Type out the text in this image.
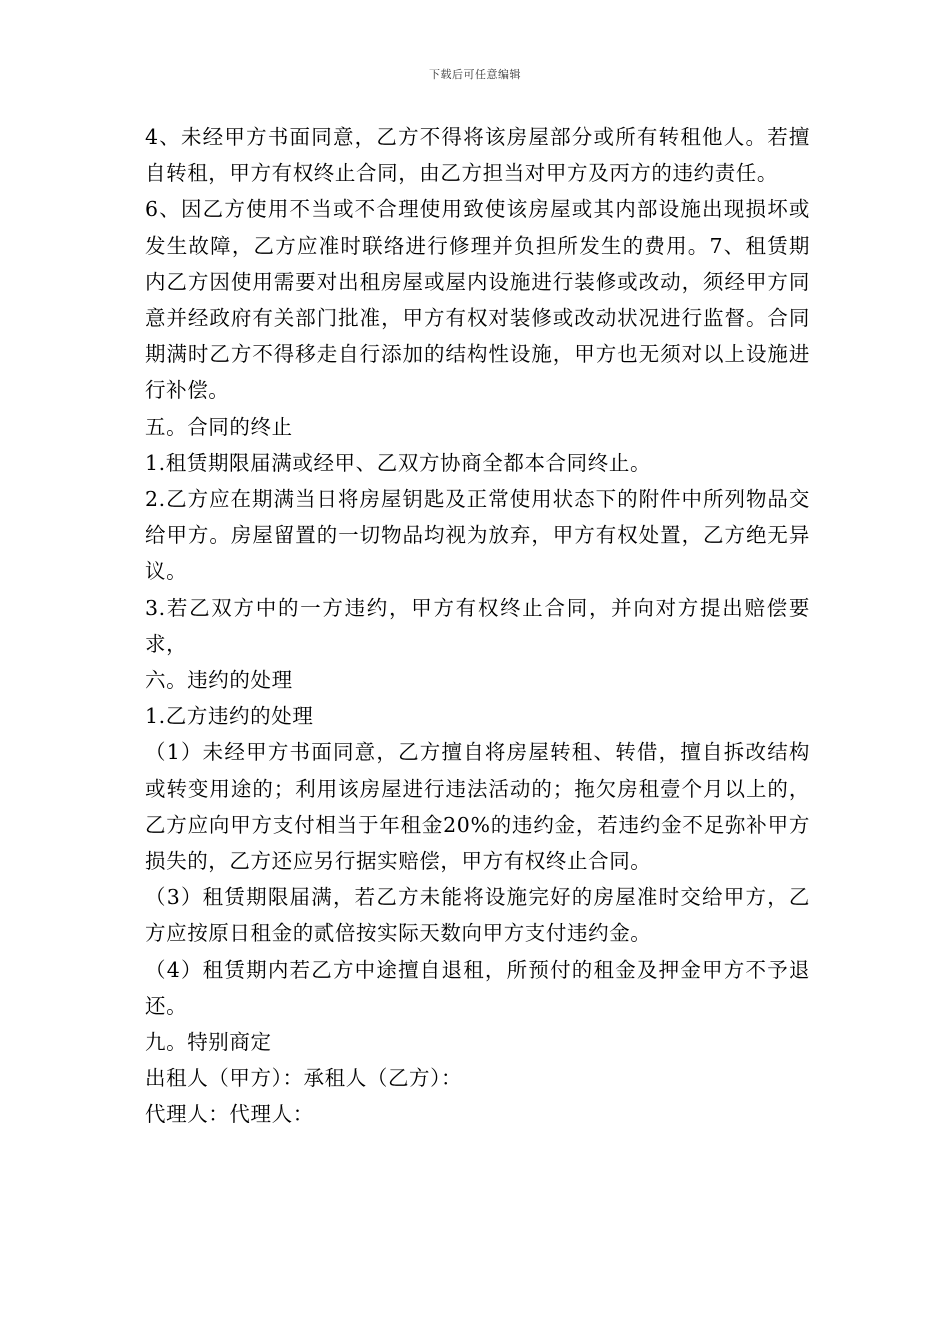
下载后可任意编辑

4、未经甲方书面同意，乙方不得将该房屋部分或所有转租他人。若擅自转租，甲方有权终止合同，由乙方担当对甲方及丙方的违约责任。

6、因乙方使用不当或不合理使用致使该房屋或其内部设施出现损坏或发生故障，乙方应准时联络进行修理并负担所发生的费用。7、租赁期内乙方因使用需要对出租房屋或屋内设施进行装修或改动，须经甲方同意并经政府有关部门批准，甲方有权对装修或改动状况进行监督。合同期满时乙方不得移走自行添加的结构性设施，甲方也无须对以上设施进行补偿。

五。合同的终止

1.租赁期限届满或经甲、乙双方协商全都本合同终止。

2.乙方应在期满当日将房屋钥匙及正常使用状态下的附件中所列物品交给甲方。房屋留置的一切物品均视为放弃，甲方有权处置，乙方绝无异议。

3.若乙双方中的一方违约，甲方有权终止合同，并向对方提出赔偿要求，

六。违约的处理

1.乙方违约的处理

（1）未经甲方书面同意，乙方擅自将房屋转租、转借，擅自拆改结构或转变用途的；利用该房屋进行违法活动的；拖欠房租壹个月以上的，乙方应向甲方支付相当于年租金20%的违约金，若违约金不足弥补甲方损失的，乙方还应另行据实赔偿，甲方有权终止合同。

（3）租赁期限届满，若乙方未能将设施完好的房屋准时交给甲方，乙方应按原日租金的贰倍按实际天数向甲方支付违约金。

（4）租赁期内若乙方中途擅自退租，所预付的租金及押金甲方不予退还。

九。特别商定

出租人（甲方）：承租人（乙方）：

代理人：代理人：
